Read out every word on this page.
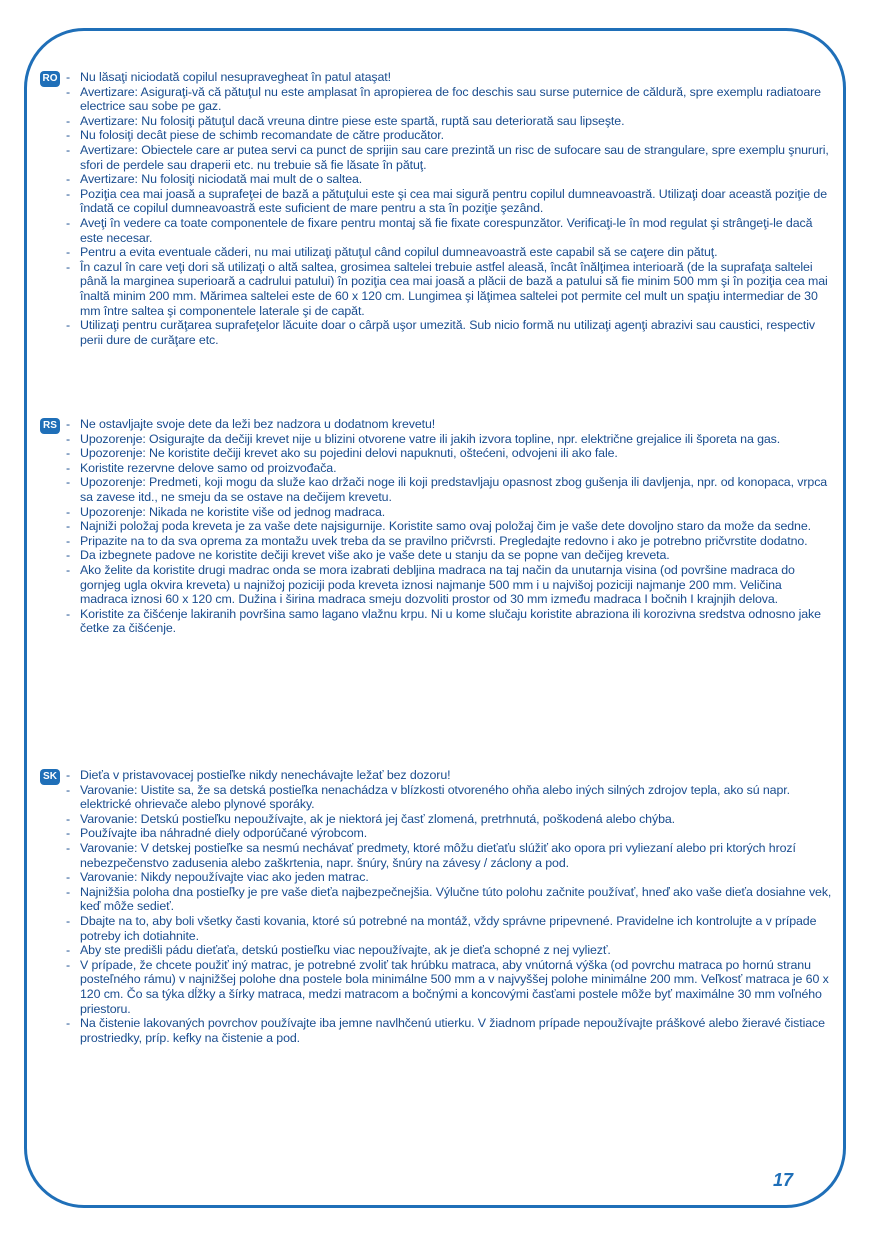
RO - Nu lăsaţi niciodată copilul nesupravegheat în patul ataşat!
- Avertizare: Asiguraţi-vă că pătuţul nu este amplasat în apropierea de foc deschis sau surse puternice de căldură, spre exemplu radiatoare electrice sau sobe pe gaz.
- Avertizare: Nu folosiţi pătuţul dacă vreuna dintre piese este spartă, ruptă sau deteriorată sau lipseşte.
- Nu folosiţi decât piese de schimb recomandate de către producător.
- Avertizare: Obiectele care ar putea servi ca punct de sprijin sau care prezintă un risc de sufocare sau de strangulare, spre exemplu şnururi, sfori de perdele sau draperii etc. nu trebuie să fie lăsate în pătuţ.
- Avertizare: Nu folosiţi niciodată mai mult de o saltea.
- Poziţia cea mai joasă a suprafeţei de bază a pătuţului este şi cea mai sigură pentru copilul dumneavoastră. Utilizaţi doar această poziţie de îndată ce copilul dumneavoastră este suficient de mare pentru a sta în poziţie şezând.
- Aveţi în vedere ca toate componentele de fixare pentru montaj să fie fixate corespunzător. Verificaţi-le în mod regulat şi strângeţi-le dacă este necesar.
- Pentru a evita eventuale căderi, nu mai utilizaţi pătuţul când copilul dumneavoastră este capabil să se caţere din pătuţ.
- În cazul în care veţi dori să utilizaţi o altă saltea, grosimea saltelei trebuie astfel aleasă, încât înălţimea interioară (de la suprafaţa saltelei până la marginea superioară a cadrului patului) în poziţia cea mai joasă a plăcii de bază a patului să fie minim 500 mm şi în poziţia cea mai înaltă minim 200 mm. Mărimea saltelei este de 60 x 120 cm. Lungimea şi lăţimea saltelei pot permite cel mult un spaţiu intermediar de 30 mm între saltea şi componentele laterale şi de capăt.
- Utilizaţi pentru curăţarea suprafeţelor lăcuite doar o cârpă uşor umezită. Sub nicio formă nu utilizaţi agenţi abrazivi sau caustici, respectiv perii dure de curăţare etc.
RS - Ne ostavljajte svoje dete da leži bez nadzora u dodatnom krevetu!
- Upozorenje: Osigurajte da dečiji krevet nije u blizini otvorene vatre ili jakih izvora topline, npr. električne grejalice ili šporeta na gas.
- Upozorenje: Ne koristite dečiji krevet ako su pojedini delovi napuknuti, oštećeni, odvojeni ili ako fale.
- Koristite rezervne delove samo od proizvođača.
- Upozorenje: Predmeti, koji mogu da služe kao držači noge ili koji predstavljaju opasnost zbog gušenja ili davljenja, npr. od konopaca, vrpca sa zavese itd., ne smeju da se ostave na dečijem krevetu.
- Upozorenje: Nikada ne koristite više od jednog madraca.
- Najniži položaj poda kreveta je za vaše dete najsigurnije. Koristite samo ovaj položaj čim je vaše dete dovoljno staro da može da sedne.
- Pripazite na to da sva oprema za montažu uvek treba da se pravilno pričvrsti. Pregledajte redovno i ako je potrebno pričvrstite dodatno.
- Da izbegnete padove ne koristite dečiji krevet više ako je vaše dete u stanju da se popne van dečijeg kreveta.
- Ako želite da koristite drugi madrac onda se mora izabrati debljina madraca na taj način da unutarnja visina (od površine madraca do gornjeg ugla okvira kreveta) u najnižoj poziciji poda kreveta iznosi najmanje 500 mm i u najvišoj poziciji najmanje 200 mm. Veličina madraca iznosi 60 x 120 cm. Dužina i širina madraca smeju dozvoliti prostor od 30 mm između madraca I bočnih I krajnjih delova.
- Koristite za čišćenje lakiranih površina samo lagano vlažnu krpu. Ni u kome slučaju koristite abraziona ili korozivna sredstva odnosno jake četke za čišćenje.
SK - Dieťa v pristavovacej postieľke nikdy nenechávajte ležať bez dozoru!
- Varovanie: Uistite sa, že sa detská postieľka nenachádza v blízkosti otvoreného ohňa alebo iných silných zdrojov tepla, ako sú napr. elektrické ohrievače alebo plynové sporáky.
- Varovanie: Detskú postieľku nepoužívajte, ak je niektorá jej časť zlomená, pretrhnutá, poškodená alebo chýba.
- Používajte iba náhradné diely odporúčané výrobcom.
- Varovanie: V detskej postieľke sa nesmú nechávať predmety, ktoré môžu dieťaťu slúžiť ako opora pri vyliezaní alebo pri ktorých hrozí nebezpečenstvo zadusenia alebo zaškrtenia, napr. šnúry, šnúry na závesy / záclony a pod.
- Varovanie: Nikdy nepoužívajte viac ako jeden matrac.
- Najnižšia poloha dna postieľky je pre vaše dieťa najbezpečnejšia. Výlučne túto polohu začnite používať, hneď ako vaše dieťa dosiahne vek, keď môže sedieť.
- Dbajte na to, aby boli všetky časti kovania, ktoré sú potrebné na montáž, vždy správne pripevnené. Pravidelne ich kontrolujte a v prípade potreby ich dotiahnite.
- Aby ste predišli pádu dieťaťa, detskú postieľku viac nepoužívajte, ak je dieťa schopné z nej vyliezť.
- V prípade, že chcete použiť iný matrac, je potrebné zvoliť tak hrúbku matraca, aby vnútorná výška (od povrchu matraca po hornú stranu posteľného rámu) v najnižšej polohe dna postele bola minimálne 500 mm a v najvyššej polohe minimálne 200 mm. Veľkosť matraca je 60 x 120 cm. Čo sa týka dĺžky a šírky matraca, medzi matracom a bočnými a koncovými časťami postele môže byť maximálne 30 mm voľného priestoru.
- Na čistenie lakovaných povrchov používajte iba jemne navlhčenú utierku. V žiadnom prípade nepoužívajte práškové alebo žieravé čistiace prostriedky, príp. kefky na čistenie a pod.
17
